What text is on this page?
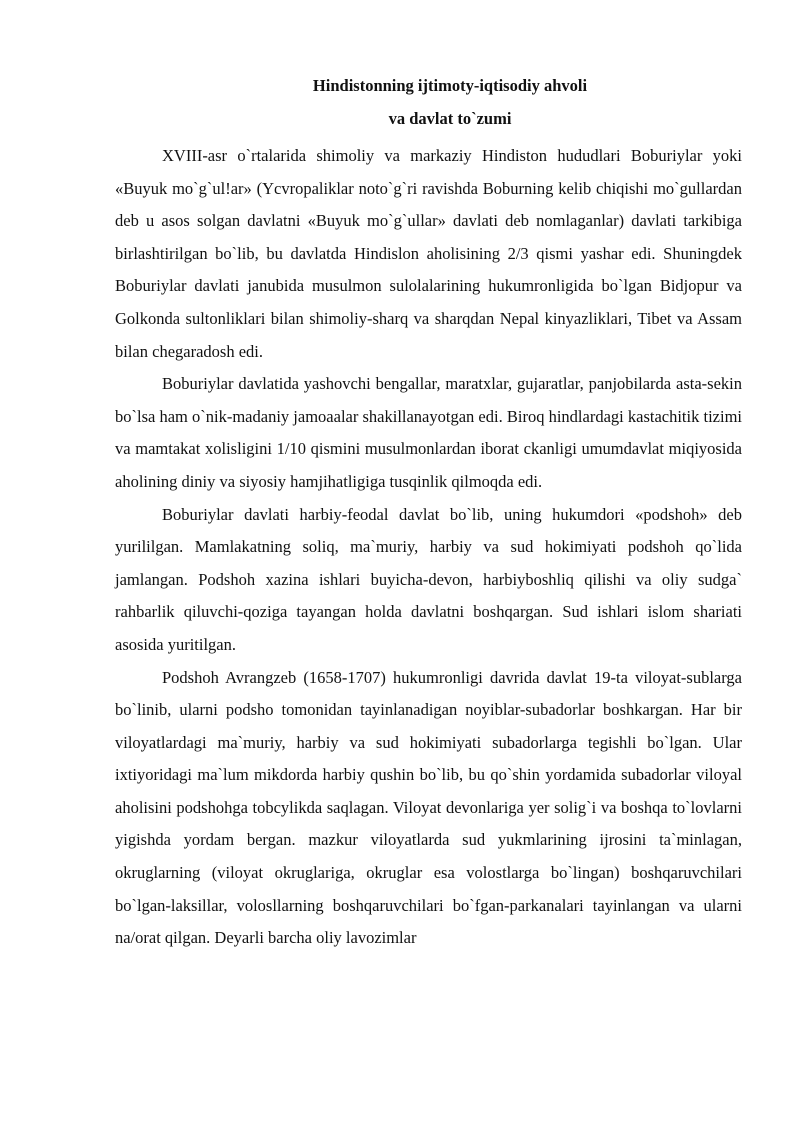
Hindistonning ijtimoty-iqtisodiy ahvoli
va davlat to`zumi

XVIII-asr o`rtalarida shimoliy va markaziy Hindiston hududlari Boburiylar yoki «Buyuk mo`g`ul!ar» (Ycvropaliklar noto`g`ri ravishda Boburning kelib chiqishi mo`gullardan deb u asos solgan davlatni «Buyuk mo`g`ullar» davlati deb nomlaganlar) davlati tarkibiga birlashtirilgan bo`lib, bu davlatda Hindislon aholisining 2/3 qismi yashar edi. Shuningdek Boburiylar davlati janubida musulmon sulolalarining hukumronligida bo`lgan Bidjopur va Golkonda sultonliklari bilan shimoliy-sharq va sharqdan Nepal kinyazliklari, Tibet va Assam bilan chegaradosh edi.

Boburiylar davlatida yashovchi bengallar, maratxlar, gujaratlar, panjobilarda asta-sekin bo`lsa ham o`nik-madaniy jamoaalar shakillanayotgan edi. Biroq hindlardagi kastachitik tizimi va mamtakat xolisligini 1/10 qismini musulmonlardan iborat ckanligi umumdavlat miqiyosida aholining diniy va siyosiy hamjihatligiga tusqinlik qilmoqda edi.

Boburiylar davlati harbiy-feodal davlat bo`lib, uning hukumdori «podshoh» deb yurililgan. Mamlakatning soliq, ma`muriy, harbiy va sud hokimiyati podshoh qo`lida jamlangan. Podshoh xazina ishlari buyicha-devon, harbiyboshliq qilishi va oliy sudga` rahbarlik qiluvchi-qoziga tayangan holda davlatni boshqargan. Sud ishlari islom shariati asosida yuritilgan.

Podshoh Avrangzeb (1658-1707) hukumronligi davrida davlat 19-ta viloyat-sublarga bo`linib, ularni podsho tomonidan tayinlanadigan noyiblar-subadorlar boshkargan. Har bir viloyatlardagi ma`muriy, harbiy va sud hokimiyati subadorlarga tegishli bo`lgan. Ular ixtiyoridagi ma`lum mikdorda harbiy qushin bo`lib, bu qo`shin yordamida subadorlar viloyal aholisini podshohga tobcylikda saqlagan. Viloyat devonlariga yer solig`i va boshqa to`lovlarni yigishda yordam bergan. mazkur viloyatlarda sud yukmlarining ijrosini ta`minlagan, okruglarning (viloyat okruglariga, okruglar esa volostlarga bo`lingan) boshqaruvchilari bo`lgan-laksillar, volosllarning boshqaruvchilari bo`fgan-parkanalari tayinlangan va ularni na/orat qilgan. Deyarli barcha oliy lavozimlar
